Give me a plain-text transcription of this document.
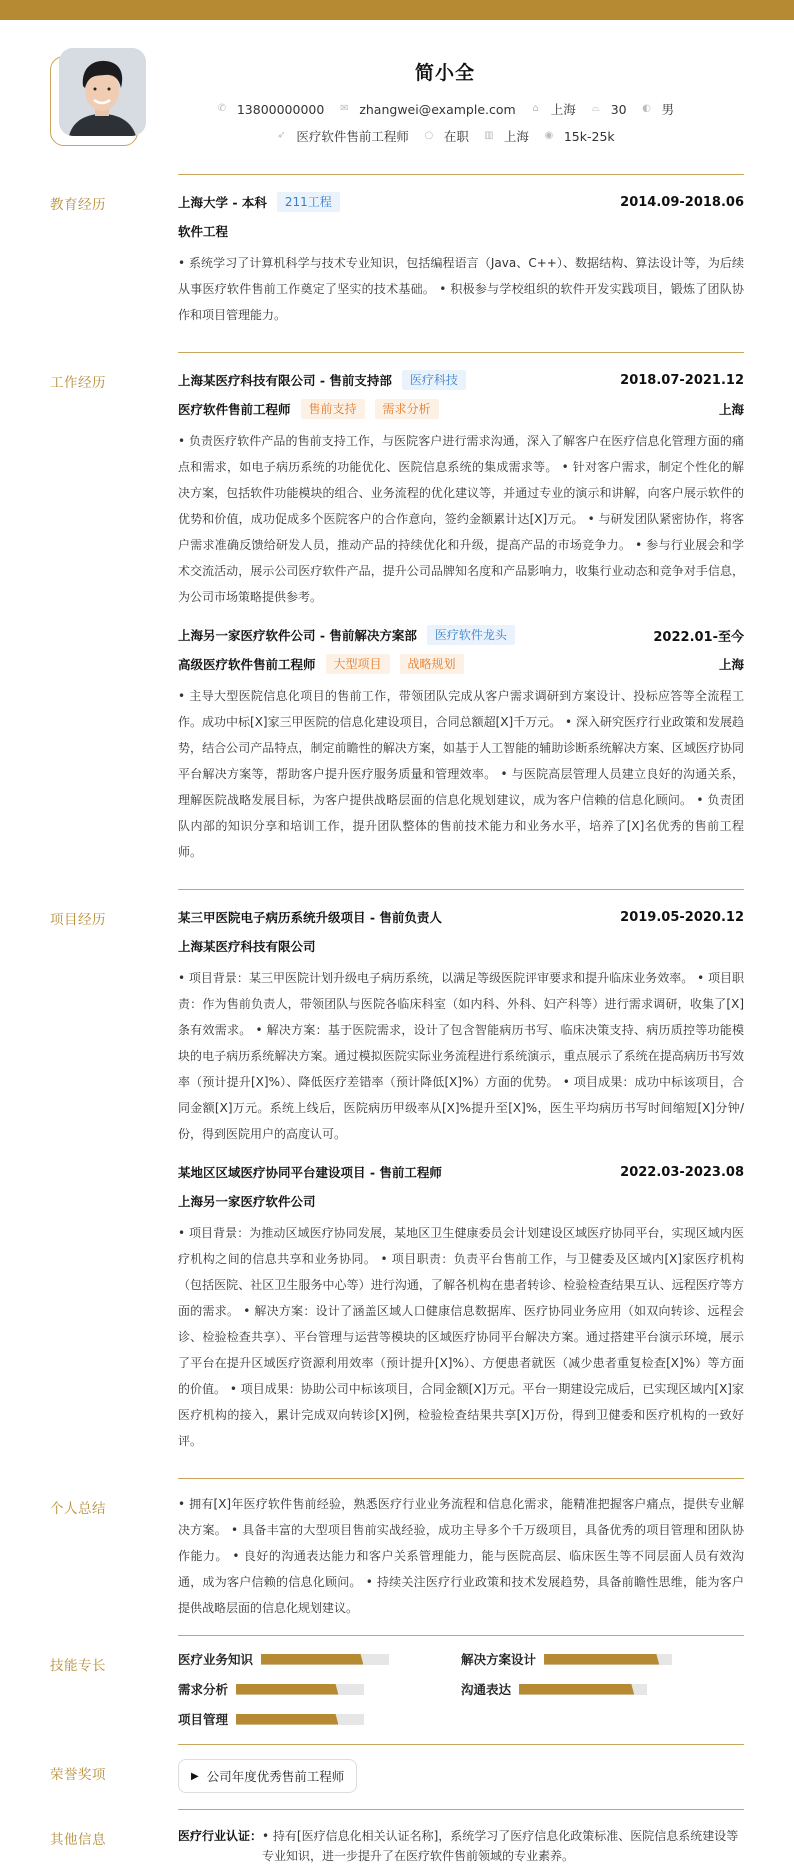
简小全
✆ 13800000000 ✉ zhangwei@example.com ⌂ 上海 ⌓ 30 ◐ 男
➶ 医疗软件售前工程师 ○ 在职 ▥ 上海 ◉ 15k-25k
教育经历	上海大学 - 本科	211工程	2014.09-2018.06
软件工程
• 系统学习了计算机科学与技术专业知识，包括编程语言（Java、C++）、数据结构、算法设计等，为后续从事医疗软件售前工作奠定了坚实的技术基础。 • 积极参与学校组织的软件开发实践项目，锻炼了团队协作和项目管理能力。
工作经历	上海某医疗科技有限公司 - 售前支持部	医疗科技	2018.07-2021.12
医疗软件售前工程师	售前支持	需求分析	上海
• 负责医疗软件产品的售前支持工作，与医院客户进行需求沟通，深入了解客户在医疗信息化管理方面的痛点和需求，如电子病历系统的功能优化、医院信息系统的集成需求等。 • 针对客户需求，制定个性化的解决方案，包括软件功能模块的组合、业务流程的优化建议等，并通过专业的演示和讲解，向客户展示软件的优势和价值，成功促成多个医院客户的合作意向，签约金额累计达[X]万元。 • 与研发团队紧密协作，将客户需求准确反馈给研发人员，推动产品的持续优化和升级，提高产品的市场竞争力。 • 参与行业展会和学术交流活动，展示公司医疗软件产品，提升公司品牌知名度和产品影响力，收集行业动态和竞争对手信息，为公司市场策略提供参考。
上海另一家医疗软件公司 - 售前解决方案部	医疗软件龙头	2022.01-至今
高级医疗软件售前工程师	大型项目	战略规划	上海
• 主导大型医院信息化项目的售前工作，带领团队完成从客户需求调研到方案设计、投标应答等全流程工作。成功中标[X]家三甲医院的信息化建设项目，合同总额超[X]千万元。 • 深入研究医疗行业政策和发展趋势，结合公司产品特点，制定前瞻性的解决方案，如基于人工智能的辅助诊断系统解决方案、区域医疗协同平台解决方案等，帮助客户提升医疗服务质量和管理效率。 • 与医院高层管理人员建立良好的沟通关系，理解医院战略发展目标，为客户提供战略层面的信息化规划建议，成为客户信赖的信息化顾问。 • 负责团队内部的知识分享和培训工作，提升团队整体的售前技术能力和业务水平，培养了[X]名优秀的售前工程师。
项目经历	某三甲医院电子病历系统升级项目 - 售前负责人	2019.05-2020.12
上海某医疗科技有限公司
• 项目背景：某三甲医院计划升级电子病历系统，以满足等级医院评审要求和提升临床业务效率。 • 项目职责：作为售前负责人，带领团队与医院各临床科室（如内科、外科、妇产科等）进行需求调研，收集了[X]条有效需求。 • 解决方案：基于医院需求，设计了包含智能病历书写、临床决策支持、病历质控等功能模块的电子病历系统解决方案。通过模拟医院实际业务流程进行系统演示，重点展示了系统在提高病历书写效率（预计提升[X]%）、降低医疗差错率（预计降低[X]%）方面的优势。 • 项目成果：成功中标该项目，合同金额[X]万元。系统上线后，医院病历甲级率从[X]%提升至[X]%，医生平均病历书写时间缩短[X]分钟/份，得到医院用户的高度认可。
某地区区域医疗协同平台建设项目 - 售前工程师	2022.03-2023.08
上海另一家医疗软件公司
• 项目背景：为推动区域医疗协同发展，某地区卫生健康委员会计划建设区域医疗协同平台，实现区域内医疗机构之间的信息共享和业务协同。 • 项目职责：负责平台售前工作，与卫健委及区域内[X]家医疗机构（包括医院、社区卫生服务中心等）进行沟通，了解各机构在患者转诊、检验检查结果互认、远程医疗等方面的需求。 • 解决方案：设计了涵盖区域人口健康信息数据库、医疗协同业务应用（如双向转诊、远程会诊、检验检查共享）、平台管理与运营等模块的区域医疗协同平台解决方案。通过搭建平台演示环境，展示了平台在提升区域医疗资源利用效率（预计提升[X]%）、方便患者就医（减少患者重复检查[X]%）等方面的价值。 • 项目成果：协助公司中标该项目，合同金额[X]万元。平台一期建设完成后，已实现区域内[X]家医疗机构的接入，累计完成双向转诊[X]例，检验检查结果共享[X]万份，得到卫健委和医疗机构的一致好评。
个人总结	• 拥有[X]年医疗软件售前经验，熟悉医疗行业业务流程和信息化需求，能精准把握客户痛点，提供专业解决方案。 • 具备丰富的大型项目售前实战经验，成功主导多个千万级项目，具备优秀的项目管理和团队协作能力。 • 良好的沟通表达能力和客户关系管理能力，能与医院高层、临床医生等不同层面人员有效沟通，成为客户信赖的信息化顾问。 • 持续关注医疗行业政策和技术发展趋势，具备前瞻性思维，能为客户提供战略层面的信息化规划建议。
技能专长	医疗业务知识	解决方案设计
需求分析	沟通表达
项目管理
荣誉奖项	▶ 公司年度优秀售前工程师
其他信息	医疗行业认证： • 持有[医疗信息化相关认证名称]，系统学习了医疗信息化政策标准、医院信息系统建设等专业知识，进一步提升了在医疗软件售前领域的专业素养。
